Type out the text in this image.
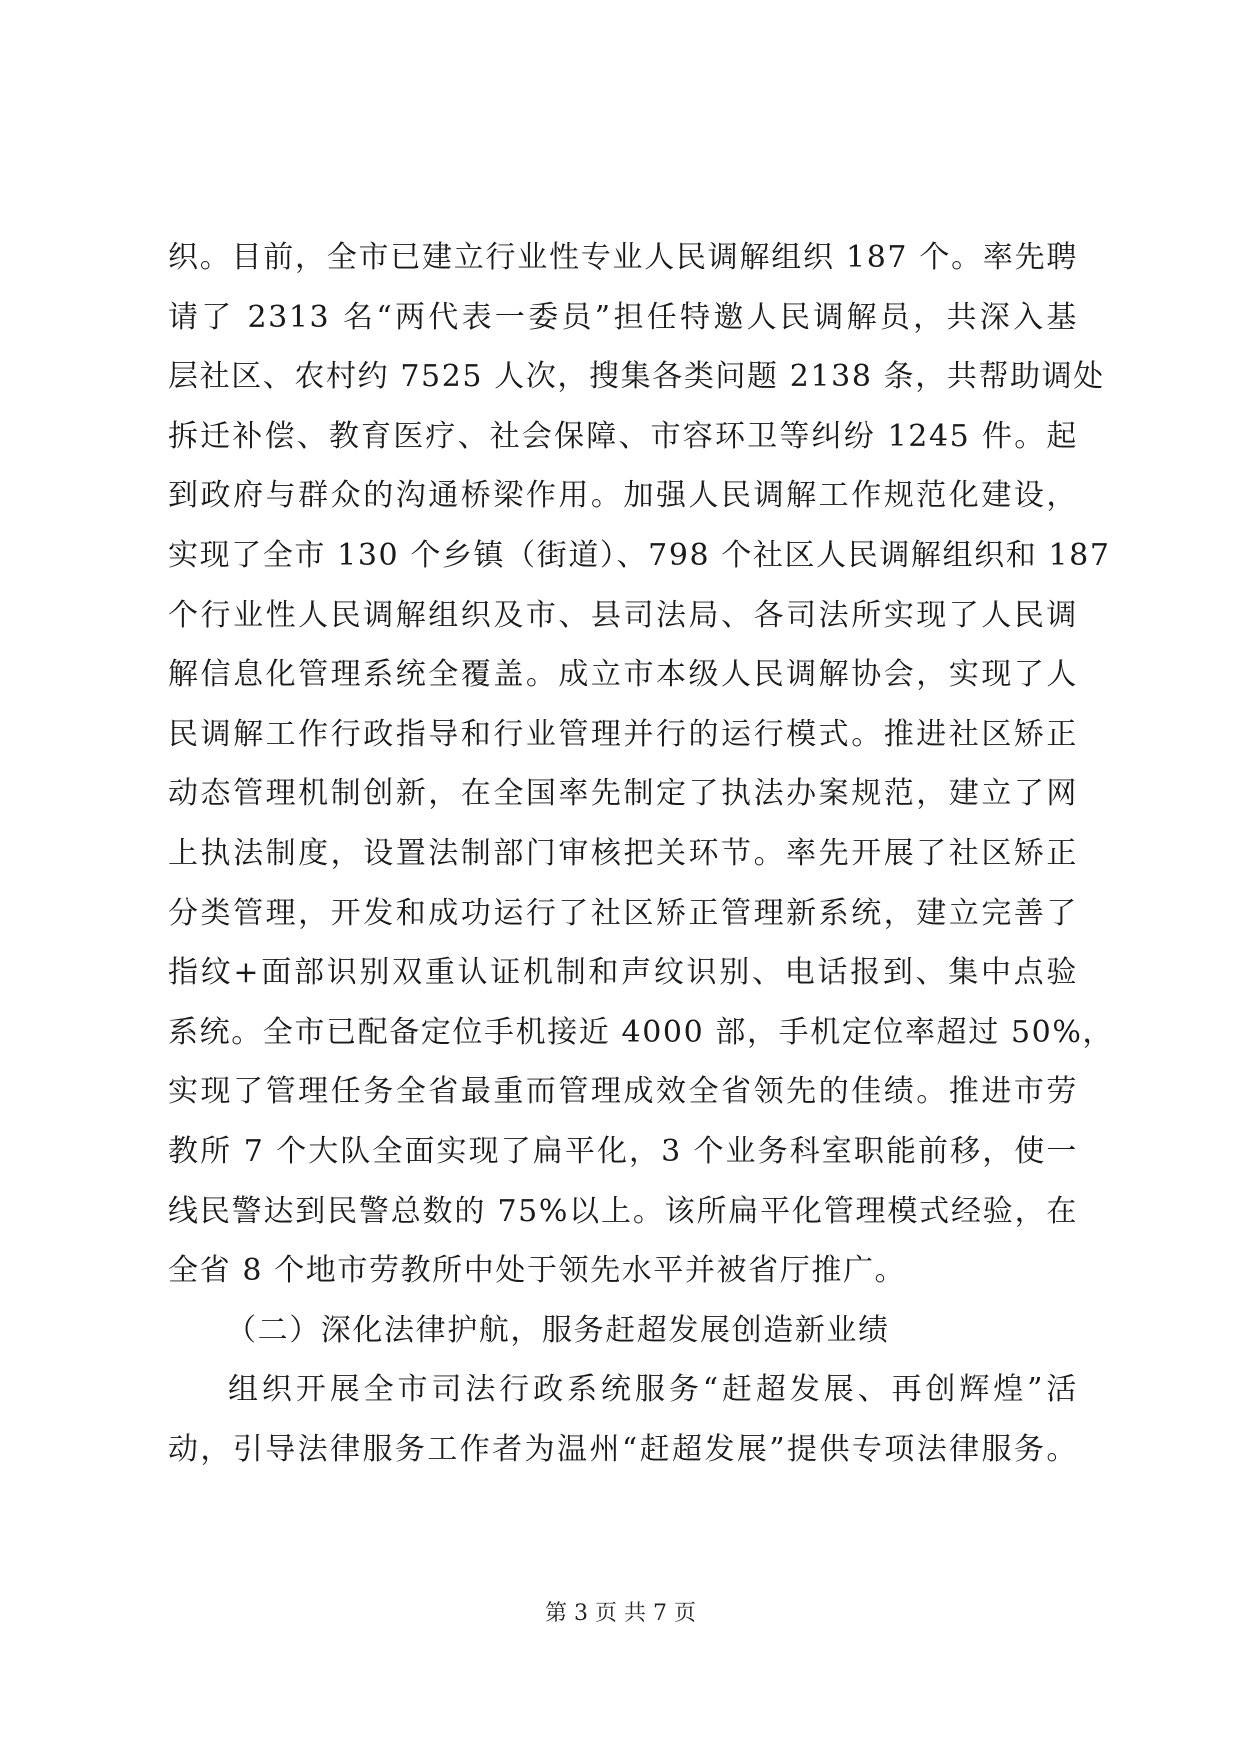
织。目前，全市已建立行业性专业人民调解组织 187 个。率先聘
请了 2313 名“两代表一委员”担任特邀人民调解员，共深入基
层社区、农村约 7525 人次，搜集各类问题 2138 条，共帮助调处
拆迁补偿、教育医疗、社会保障、市容环卫等纠纷 1245 件。起
到政府与群众的沟通桥梁作用。加强人民调解工作规范化建设，
实现了全市 130 个乡镇（街道）、798 个社区人民调解组织和 187
个行业性人民调解组织及市、县司法局、各司法所实现了人民调
解信息化管理系统全覆盖。成立市本级人民调解协会，实现了人
民调解工作行政指导和行业管理并行的运行模式。推进社区矫正
动态管理机制创新，在全国率先制定了执法办案规范，建立了网
上执法制度，设置法制部门审核把关环节。率先开展了社区矫正
分类管理，开发和成功运行了社区矫正管理新系统，建立完善了
指纹+面部识别双重认证机制和声纹识别、电话报到、集中点验
系统。全市已配备定位手机接近 4000 部，手机定位率超过 50%，
实现了管理任务全省最重而管理成效全省领先的佳绩。推进市劳
教所 7 个大队全面实现了扁平化，3 个业务科室职能前移，使一
线民警达到民警总数的 75%以上。该所扁平化管理模式经验，在
全省 8 个地市劳教所中处于领先水平并被省厅推广。
（二）深化法律护航，服务赶超发展创造新业绩
组织开展全市司法行政系统服务“赶超发展、再创辉煌”活
动，引导法律服务工作者为温州“赶超发展”提供专项法律服务。
第 3 页 共 7 页
